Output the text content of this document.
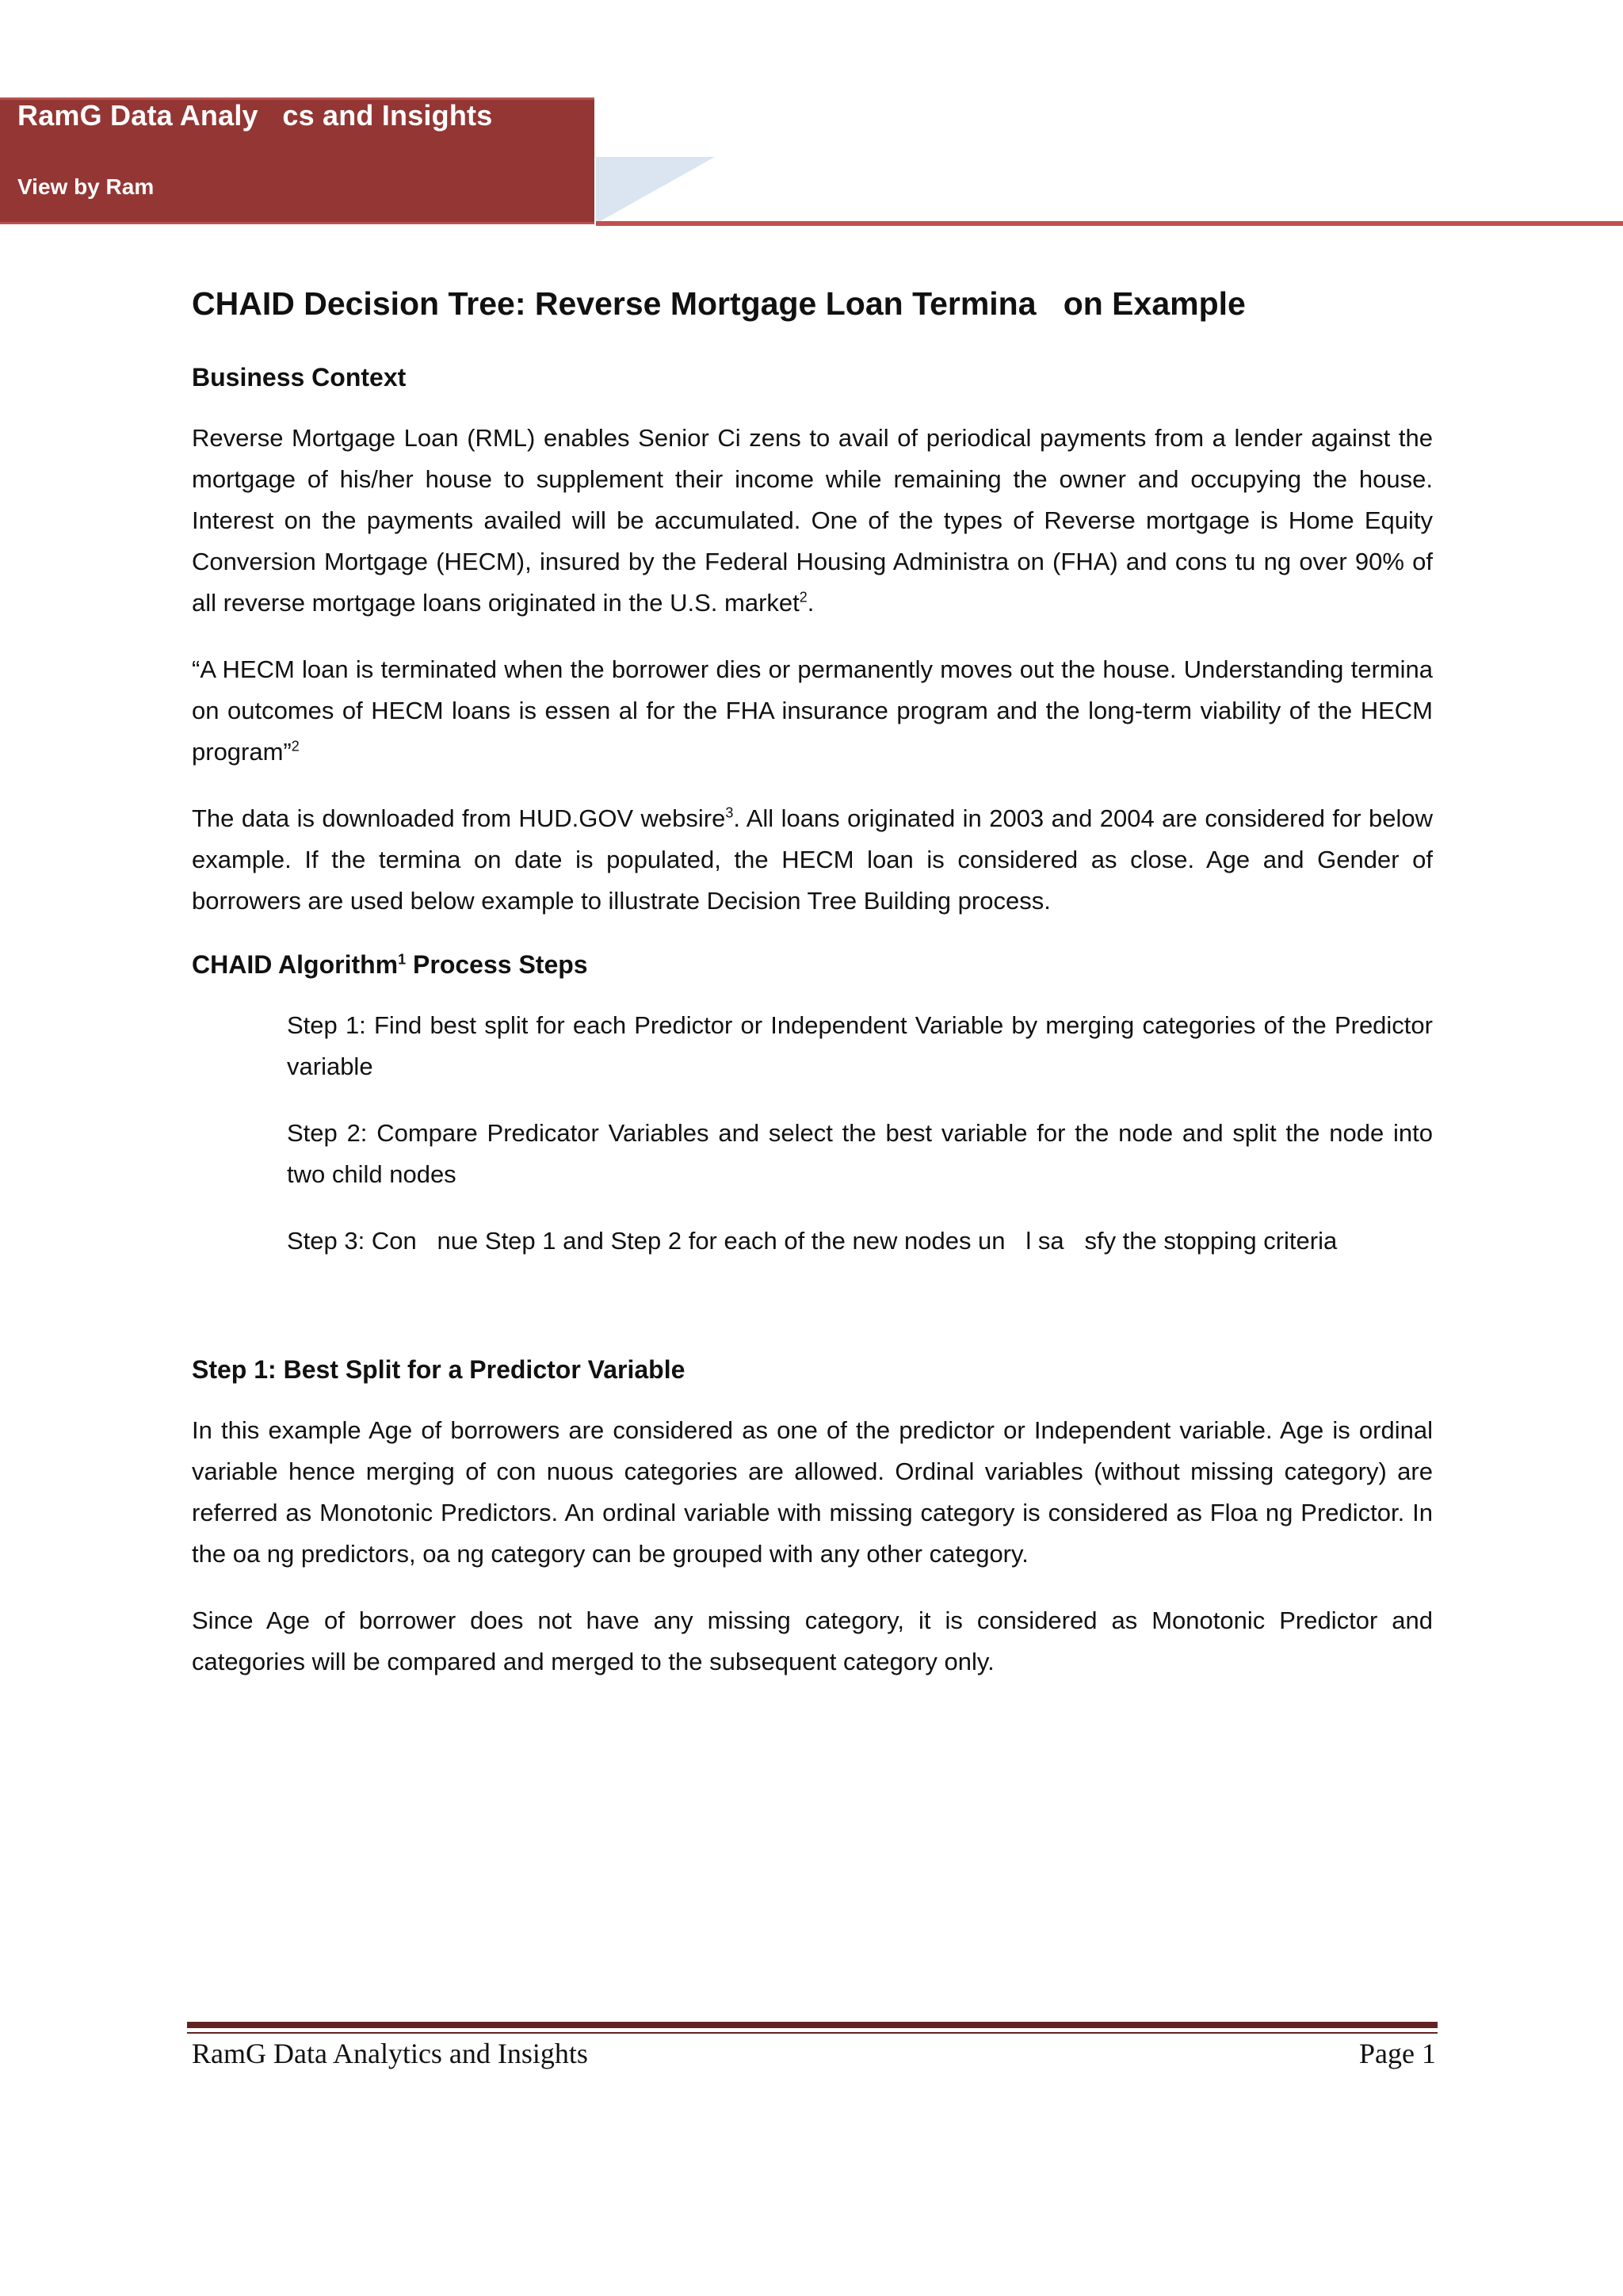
RamG Data Analy   cs and Insights
View by Ram
CHAID Decision Tree: Reverse Mortgage Loan Termina   on Example
Business Context

Reverse Mortgage Loan (RML) enables Senior Ci zens to avail of periodical payments from a lender against the mortgage of his/her house to supplement their income while remaining the owner and occupying the house. Interest on the payments availed will be accumulated. One of the types of Reverse mortgage is Home Equity Conversion Mortgage (HECM), insured by the Federal Housing Administra on (FHA) and cons tu ng over 90% of all reverse mortgage loans originated in the U.S. market$^2$.

“A HECM loan is terminated when the borrower dies or permanently moves out the house. Understanding termina on outcomes of HECM loans is essen al for the FHA insurance program and the long-term viability of the HECM program”$^2$

The data is downloaded from HUD.GOV websire$^3$. All loans originated in 2003 and 2004 are considered for below example. If the termina on date is populated, the HECM loan is considered as close. Age and Gender of borrowers are used below example to illustrate Decision Tree Building process.

CHAID Algorithm$^1$ Process Steps

Step 1: Find best split for each Predictor or Independent Variable by merging categories of the Predictor variable

Step 2: Compare Predicator Variables and select the best variable for the node and split the node into two child nodes

Step 3: Con   nue Step 1 and Step 2 for each of the new nodes un   l sa   sfy the stopping criteria

Step 1: Best Split for a Predictor Variable

In this example Age of borrowers are considered as one of the predictor or Independent variable. Age is ordinal variable hence merging of con nuous categories are allowed. Ordinal variables (without missing category) are referred as Monotonic Predictors. An ordinal variable with missing category is considered as Floa ng Predictor. In the oa ng predictors, oa ng category can be grouped with any other category.

Since Age of borrower does not have any missing category, it is considered as Monotonic Predictor and categories will be compared and merged to the subsequent category only.

RamG Data Analytics and Insights	Page 1
